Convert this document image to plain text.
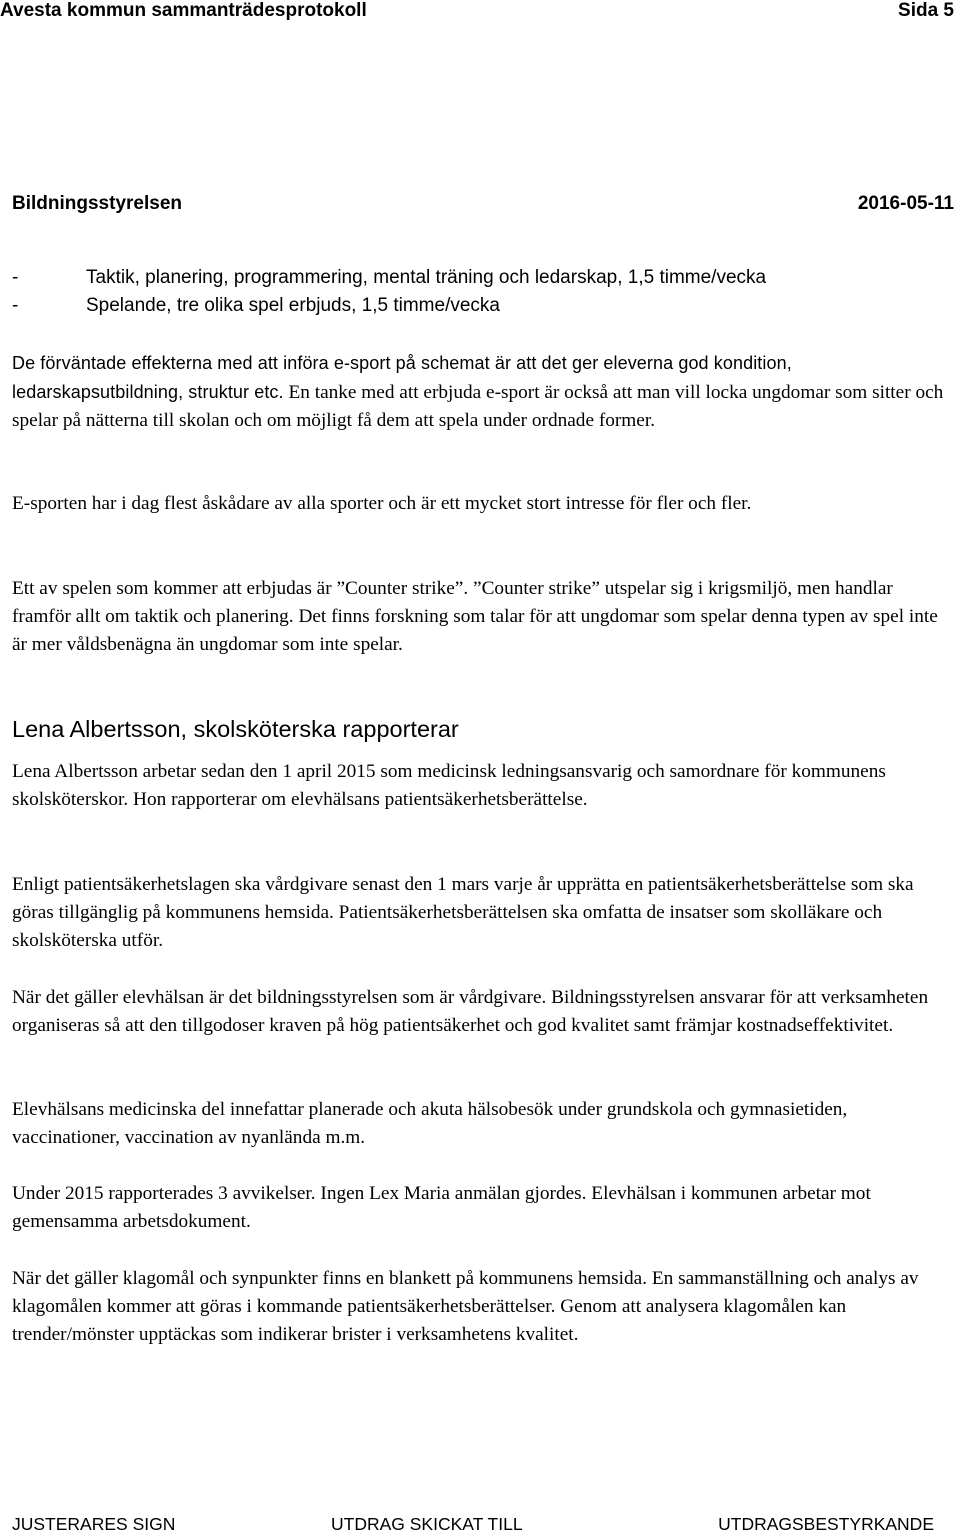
Avesta kommun sammanträdesprotokoll	Sida 5
Bildningsstyrelsen	2016-05-11
-	Taktik, planering, programmering, mental träning och ledarskap, 1,5 timme/vecka
-	Spelande, tre olika spel erbjuds, 1,5 timme/vecka

De förväntade effekterna med att införa e-sport på schemat är att det ger eleverna god kondition, ledarskapsutbildning, struktur etc. En tanke med att erbjuda e-sport är också att man vill locka ungdomar som sitter och spelar på nätterna till skolan och om möjligt få dem att spela under ordnade former.

E-sporten har i dag flest åskådare av alla sporter och är ett mycket stort intresse för fler och fler.

Ett av spelen som kommer att erbjudas är ”Counter strike”. ”Counter strike” utspelar sig i krigsmiljö, men handlar framför allt om taktik och planering. Det finns forskning som talar för att ungdomar som spelar denna typen av spel inte är mer våldsbenägna än ungdomar som inte spelar.

Lena Albertsson, skolsköterska rapporterar

Lena Albertsson arbetar sedan den 1 april 2015 som medicinsk ledningsansvarig och samordnare för kommunens skolsköterskor. Hon rapporterar om elevhälsans patientsäkerhetsberättelse.

Enligt patientsäkerhetslagen ska vårdgivare senast den 1 mars varje år upprätta en patientsäkerhetsberättelse som ska göras tillgänglig på kommunens hemsida. Patientsäkerhetsberättelsen ska omfatta de insatser som skolläkare och skolsköterska utför.

När det gäller elevhälsan är det bildningsstyrelsen som är vårdgivare. Bildningsstyrelsen ansvarar för att verksamheten organiseras så att den tillgodoser kraven på hög patientsäkerhet och god kvalitet samt främjar kostnadseffektivitet.

Elevhälsans medicinska del innefattar planerade och akuta hälsobesök under grundskola och gymnasietiden, vaccinationer, vaccination av nyanlända m.m.

Under 2015 rapporterades 3 avvikelser. Ingen Lex Maria anmälan gjordes. Elevhälsan i kommunen arbetar mot gemensamma arbetsdokument.

När det gäller klagomål och synpunkter finns en blankett på kommunens hemsida. En sammanställning och analys av klagomålen kommer att göras i kommande patientsäkerhetsberättelser. Genom att analysera klagomålen kan trender/mönster upptäckas som indikerar brister i verksamhetens kvalitet.

JUSTERARES SIGN	UTDRAG SKICKAT TILL	UTDRAGSBESTYRKANDE
